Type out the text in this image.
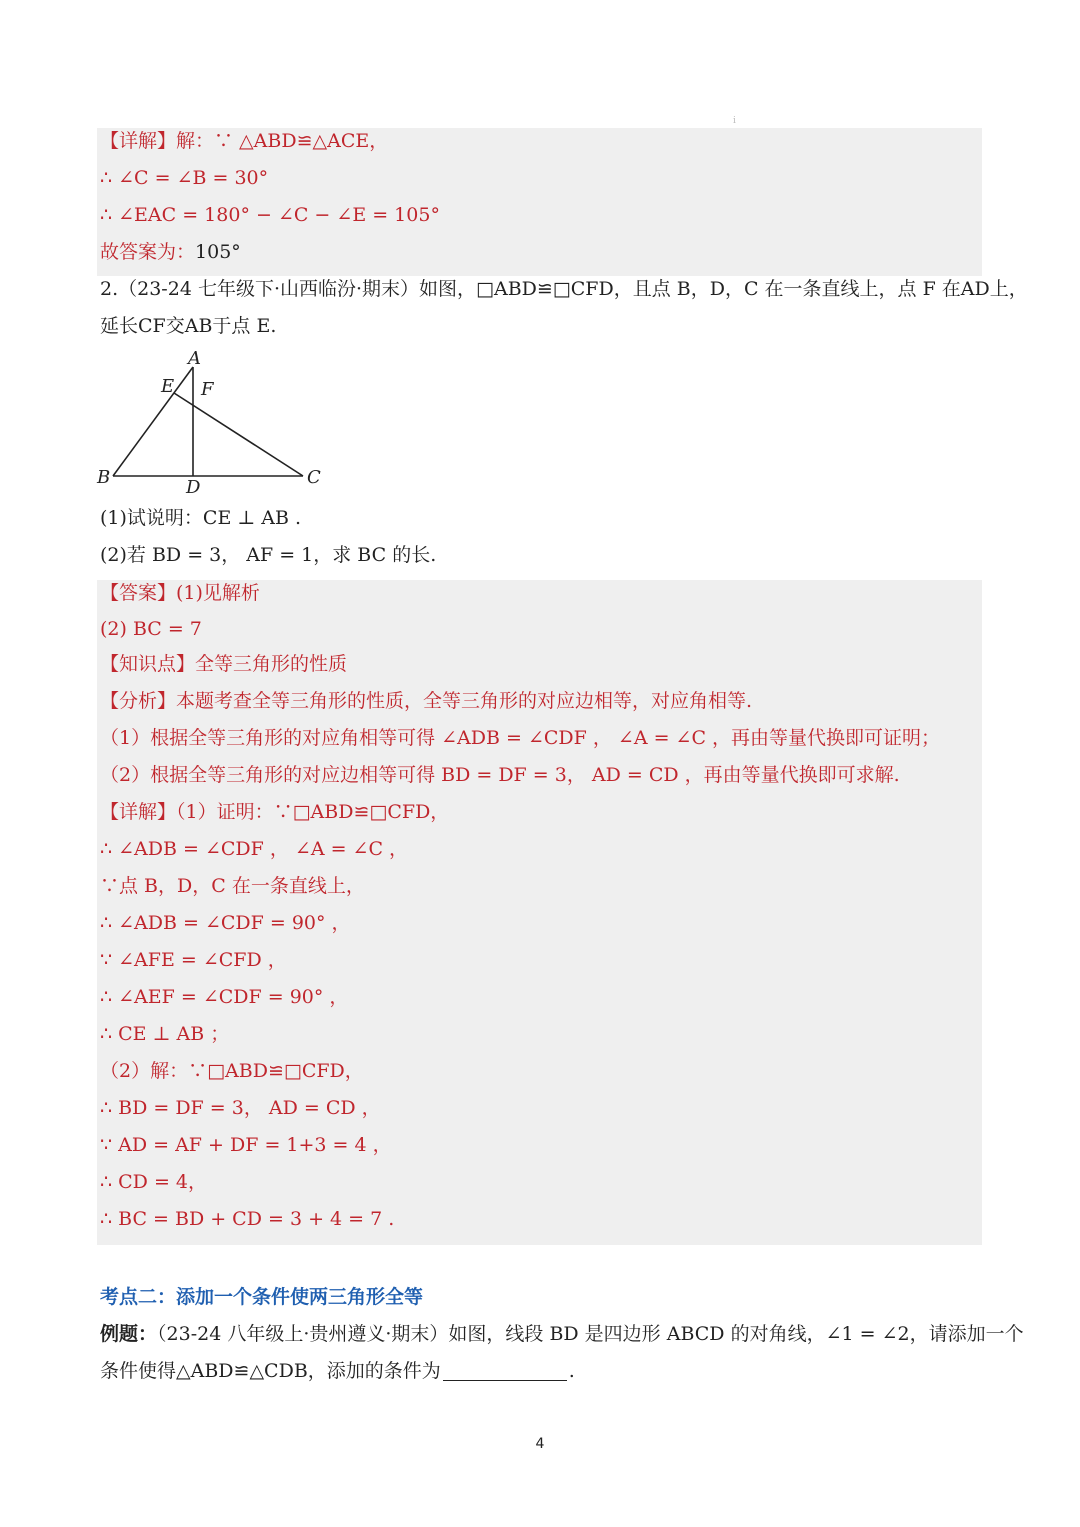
i
【详解】解：∵ △ABD≌△ACE，
∴ ∠C = ∠B = 30°
∴ ∠EAC = 180° − ∠C − ∠E = 105°
故答案为：105°
2.（23-24 七年级下·山西临汾·期末）如图，□ABD≌□CFD，且点 B，D，C 在一条直线上，点 F 在AD上，
延长CF交AB于点 E.
A
E F
B	D	C
(1)试说明：CE ⊥ AB .
(2)若 BD = 3， AF = 1，求 BC 的长.
【答案】(1)见解析
(2) BC = 7
【知识点】全等三角形的性质
【分析】本题考查全等三角形的性质，全等三角形的对应边相等，对应角相等.
（1）根据全等三角形的对应角相等可得 ∠ADB = ∠CDF ， ∠A = ∠C ，再由等量代换即可证明；
（2）根据全等三角形的对应边相等可得 BD = DF = 3， AD = CD ，再由等量代换即可求解.
【详解】（1）证明：∵□ABD≌□CFD，
∴ ∠ADB = ∠CDF ， ∠A = ∠C ，
∵点 B，D，C 在一条直线上，
∴ ∠ADB = ∠CDF = 90° ，
∵ ∠AFE = ∠CFD ，
∴ ∠AEF = ∠CDF = 90° ，
∴ CE ⊥ AB ；
（2）解：∵□ABD≌□CFD，
∴ BD = DF = 3， AD = CD ，
∵ AD = AF + DF = 1+3 = 4 ，
∴ CD = 4，
∴ BC = BD + CD = 3 + 4 = 7 .
考点二：添加一个条件使两三角形全等
例题：（23-24 八年级上·贵州遵义·期末）如图，线段 BD 是四边形 ABCD 的对角线，∠1 = ∠2，请添加一个
条件使得△ABD≌△CDB，添加的条件为	.
4
